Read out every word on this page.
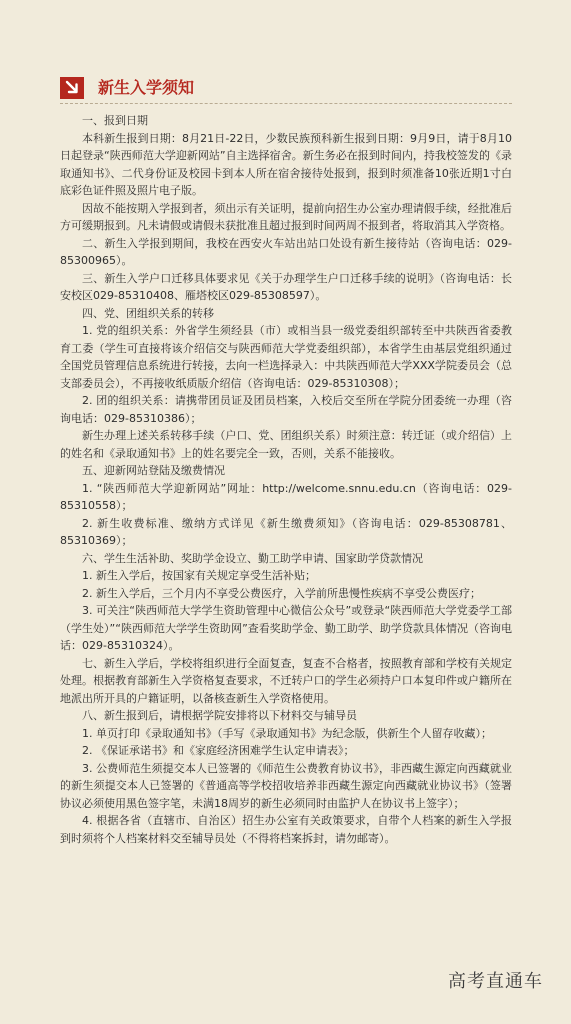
新生入学须知

一、报到日期

本科新生报到日期：8月21日-22日，少数民族预科新生报到日期：9月9日，请于8月10日起登录“陕西师范大学迎新网站”自主选择宿舍。新生务必在报到时间内，持我校签发的《录取通知书》、二代身份证及校园卡到本人所在宿舍接待处报到，报到时须准备10张近期1寸白底彩色证件照及照片电子版。

因故不能按期入学报到者，须出示有关证明，提前向招生办公室办理请假手续，经批准后方可缓期报到。凡未请假或请假未获批准且超过报到时间两周不报到者，将取消其入学资格。

二、新生入学报到期间，我校在西安火车站出站口处设有新生接待站（咨询电话：029-85300965）。

三、新生入学户口迁移具体要求见《关于办理学生户口迁移手续的说明》（咨询电话：长安校区029-85310408、雁塔校区029-85308597）。

四、党、团组织关系的转移

1. 党的组织关系：外省学生须经县（市）或相当县一级党委组织部转至中共陕西省委教育工委（学生可直接将该介绍信交与陕西师范大学党委组织部），本省学生由基层党组织通过全国党员管理信息系统进行转接，去向一栏选择录入：中共陕西师范大学XXX学院委员会（总支部委员会），不再接收纸质版介绍信（咨询电话：029-85310308）；

2. 团的组织关系：请携带团员证及团员档案，入校后交至所在学院分团委统一办理（咨询电话：029-85310386）；

新生办理上述关系转移手续（户口、党、团组织关系）时须注意：转迁证（或介绍信）上的姓名和《录取通知书》上的姓名要完全一致，否则，关系不能接收。

五、迎新网站登陆及缴费情况

1. “陕西师范大学迎新网站”网址：http://welcome.snnu.edu.cn（咨询电话：029-85310558）；

2. 新生收费标准、缴纳方式详见《新生缴费须知》（咨询电话：029-85308781、85310369）；

六、学生生活补助、奖助学金设立、勤工助学申请、国家助学贷款情况

1. 新生入学后，按国家有关规定享受生活补贴；

2. 新生入学后，三个月内不享受公费医疗，入学前所患慢性疾病不享受公费医疗；

3. 可关注“陕西师范大学学生资助管理中心微信公众号”或登录“陕西师范大学党委学工部（学生处）”“陕西师范大学学生资助网”查看奖助学金、勤工助学、助学贷款具体情况（咨询电话：029-85310324）。

七、新生入学后，学校将组织进行全面复查，复查不合格者，按照教育部和学校有关规定处理。根据教育部新生入学资格复查要求，不迁转户口的学生必须持户口本复印件或户籍所在地派出所开具的户籍证明，以备核查新生入学资格使用。

八、新生报到后，请根据学院安排将以下材料交与辅导员

1. 单页打印《录取通知书》（手写《录取通知书》为纪念版，供新生个人留存收藏）；

2. 《保证承诺书》和《家庭经济困难学生认定申请表》；

3. 公费师范生须提交本人已签署的《师范生公费教育协议书》，非西藏生源定向西藏就业的新生须提交本人已签署的《普通高等学校招收培养非西藏生源定向西藏就业协议书》（签署协议必须使用黑色签字笔，未满18周岁的新生必须同时由监护人在协议书上签字）；

4. 根据各省（直辖市、自治区）招生办公室有关政策要求，自带个人档案的新生入学报到时须将个人档案材料交至辅导员处（不得将档案拆封，请勿邮寄）。

高考直通车
